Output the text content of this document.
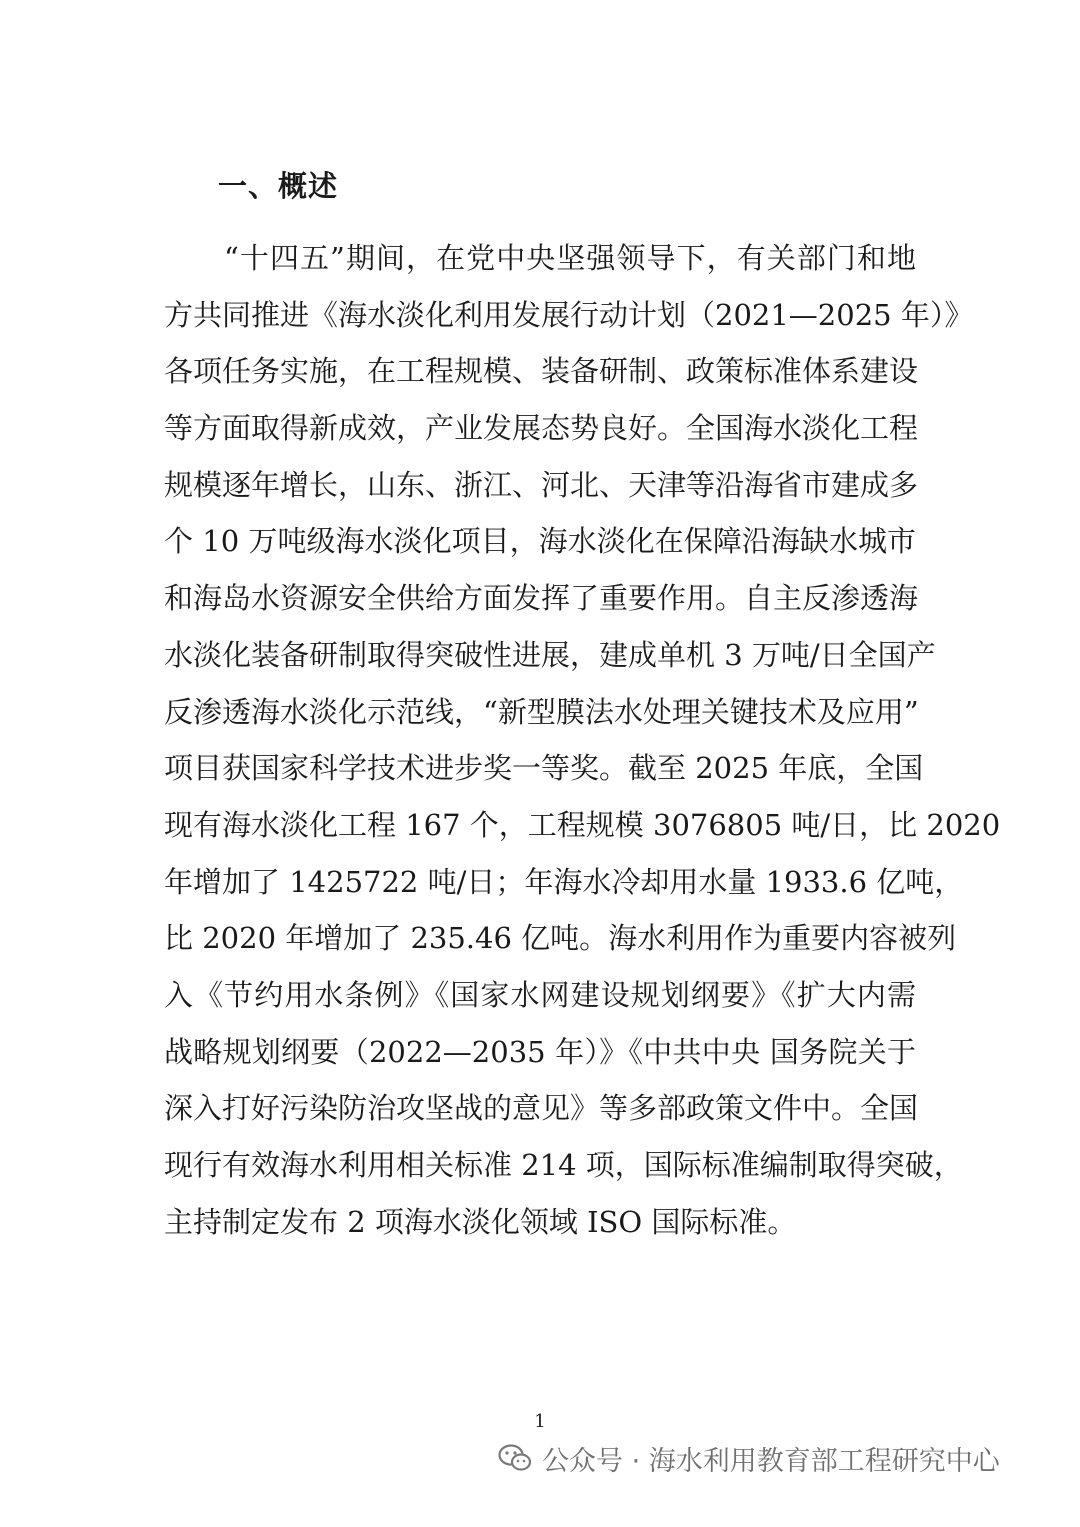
一、概述
“十四五”期间，在党中央坚强领导下，有关部门和地
方共同推进《海水淡化利用发展行动计划（2021—2025 年）》
各项任务实施，在工程规模、装备研制、政策标准体系建设
等方面取得新成效，产业发展态势良好。全国海水淡化工程
规模逐年增长，山东、浙江、河北、天津等沿海省市建成多
个 10 万吨级海水淡化项目，海水淡化在保障沿海缺水城市
和海岛水资源安全供给方面发挥了重要作用。自主反渗透海
水淡化装备研制取得突破性进展，建成单机 3 万吨/日全国产
反渗透海水淡化示范线，“新型膜法水处理关键技术及应用”
项目获国家科学技术进步奖一等奖。截至 2025 年底，全国
现有海水淡化工程 167 个，工程规模 3076805 吨/日，比 2020
年增加了 1425722 吨/日；年海水冷却用水量 1933.6 亿吨，
比 2020 年增加了 235.46 亿吨。海水利用作为重要内容被列
入《节约用水条例》《国家水网建设规划纲要》《扩大内需
战略规划纲要（2022—2035 年）》《中共中央 国务院关于
深入打好污染防治攻坚战的意见》等多部政策文件中。全国
现行有效海水利用相关标准 214 项，国际标准编制取得突破，
主持制定发布 2 项海水淡化领域 ISO 国际标准。
1
公众号 · 海水利用教育部工程研究中心
